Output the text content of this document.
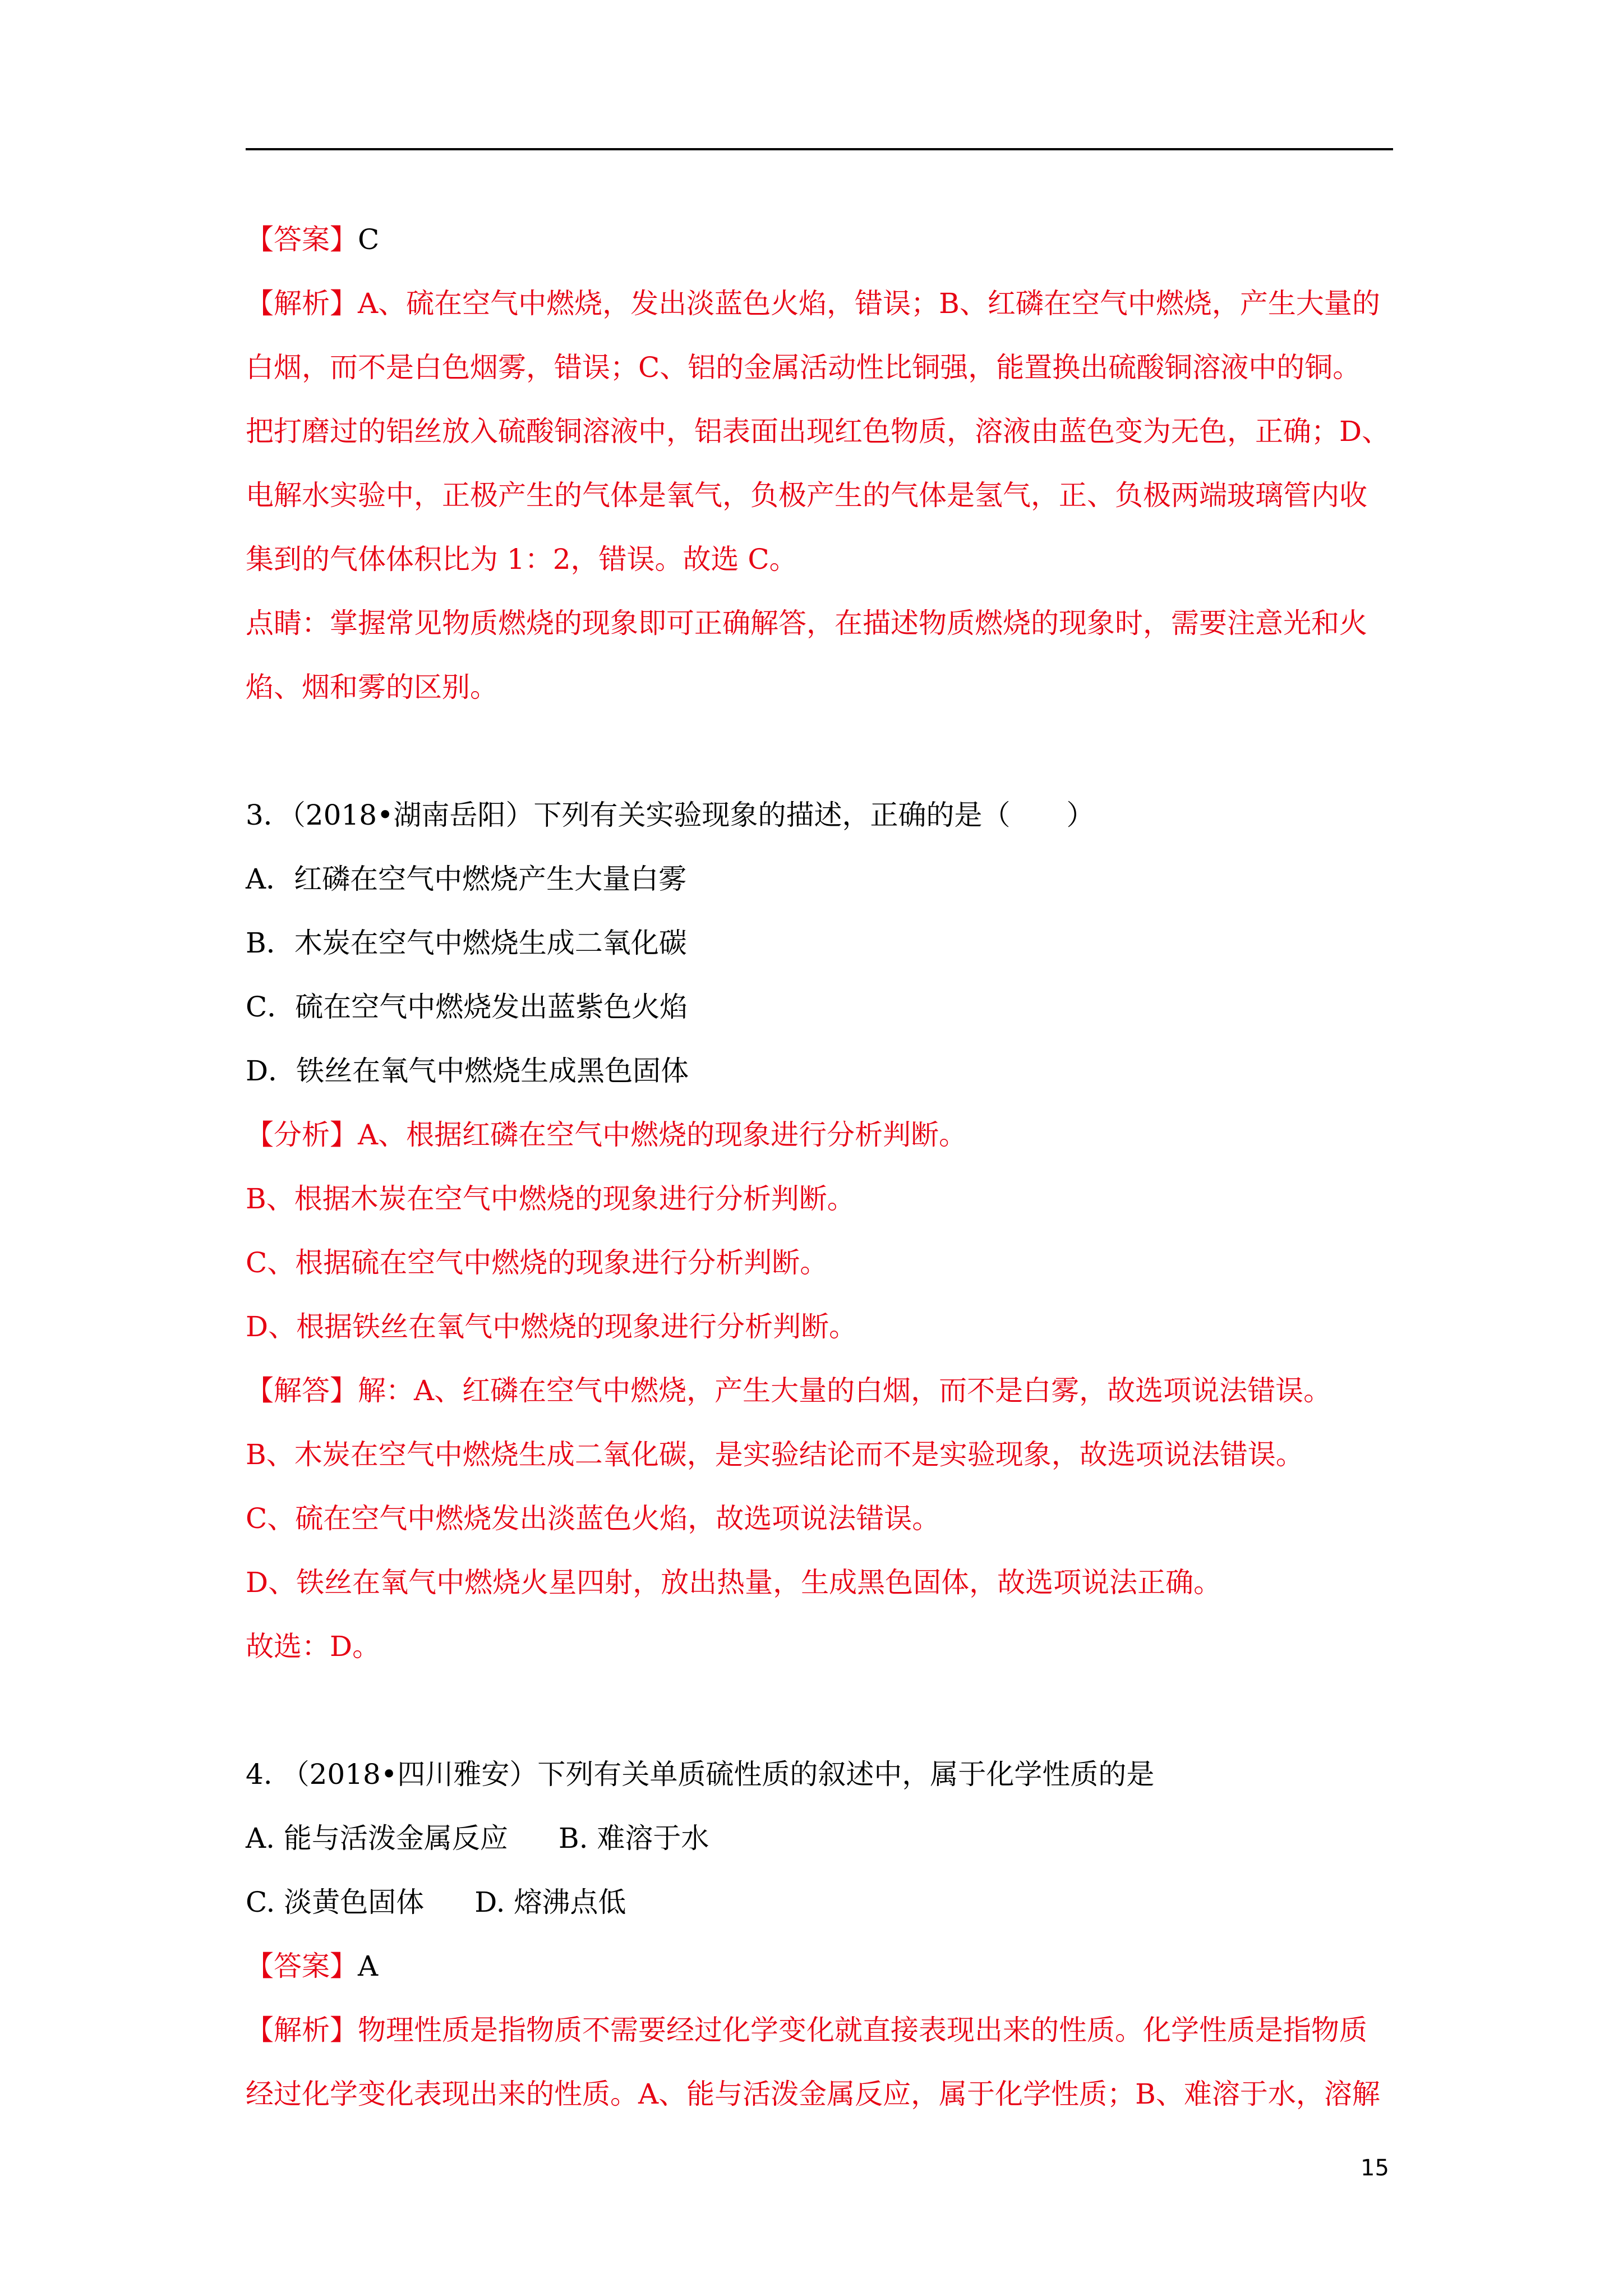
【答案】C
【解析】A、硫在空气中燃烧，发出淡蓝色火焰，错误；B、红磷在空气中燃烧，产生大量的
白烟，而不是白色烟雾，错误；C、铝的金属活动性比铜强，能置换出硫酸铜溶液中的铜。
把打磨过的铝丝放入硫酸铜溶液中，铝表面出现红色物质，溶液由蓝色变为无色，正确；D、
电解水实验中，正极产生的气体是氧气，负极产生的气体是氢气，正、负极两端玻璃管内收
集到的气体体积比为 1：2，错误。故选 C。
点睛：掌握常见物质燃烧的现象即可正确解答，在描述物质燃烧的现象时，需要注意光和火
焰、烟和雾的区别。
3．（2018•湖南岳阳）下列有关实验现象的描述，正确的是（　　）
A．红磷在空气中燃烧产生大量白雾
B．木炭在空气中燃烧生成二氧化碳
C．硫在空气中燃烧发出蓝紫色火焰
D．铁丝在氧气中燃烧生成黑色固体
【分析】A、根据红磷在空气中燃烧的现象进行分析判断。
B、根据木炭在空气中燃烧的现象进行分析判断。
C、根据硫在空气中燃烧的现象进行分析判断。
D、根据铁丝在氧气中燃烧的现象进行分析判断。
【解答】解：A、红磷在空气中燃烧，产生大量的白烟，而不是白雾，故选项说法错误。
B、木炭在空气中燃烧生成二氧化碳，是实验结论而不是实验现象，故选项说法错误。
C、硫在空气中燃烧发出淡蓝色火焰，故选项说法错误。
D、铁丝在氧气中燃烧火星四射，放出热量，生成黑色固体，故选项说法正确。
故选：D。
4. （2018•四川雅安）下列有关单质硫性质的叙述中，属于化学性质的是
A. 能与活泼金属反应 B. 难溶于水
C. 淡黄色固体 D. 熔沸点低
【答案】A
【解析】物理性质是指物质不需要经过化学变化就直接表现出来的性质。化学性质是指物质
经过化学变化表现出来的性质。A、能与活泼金属反应，属于化学性质；B、难溶于水，溶解
15
